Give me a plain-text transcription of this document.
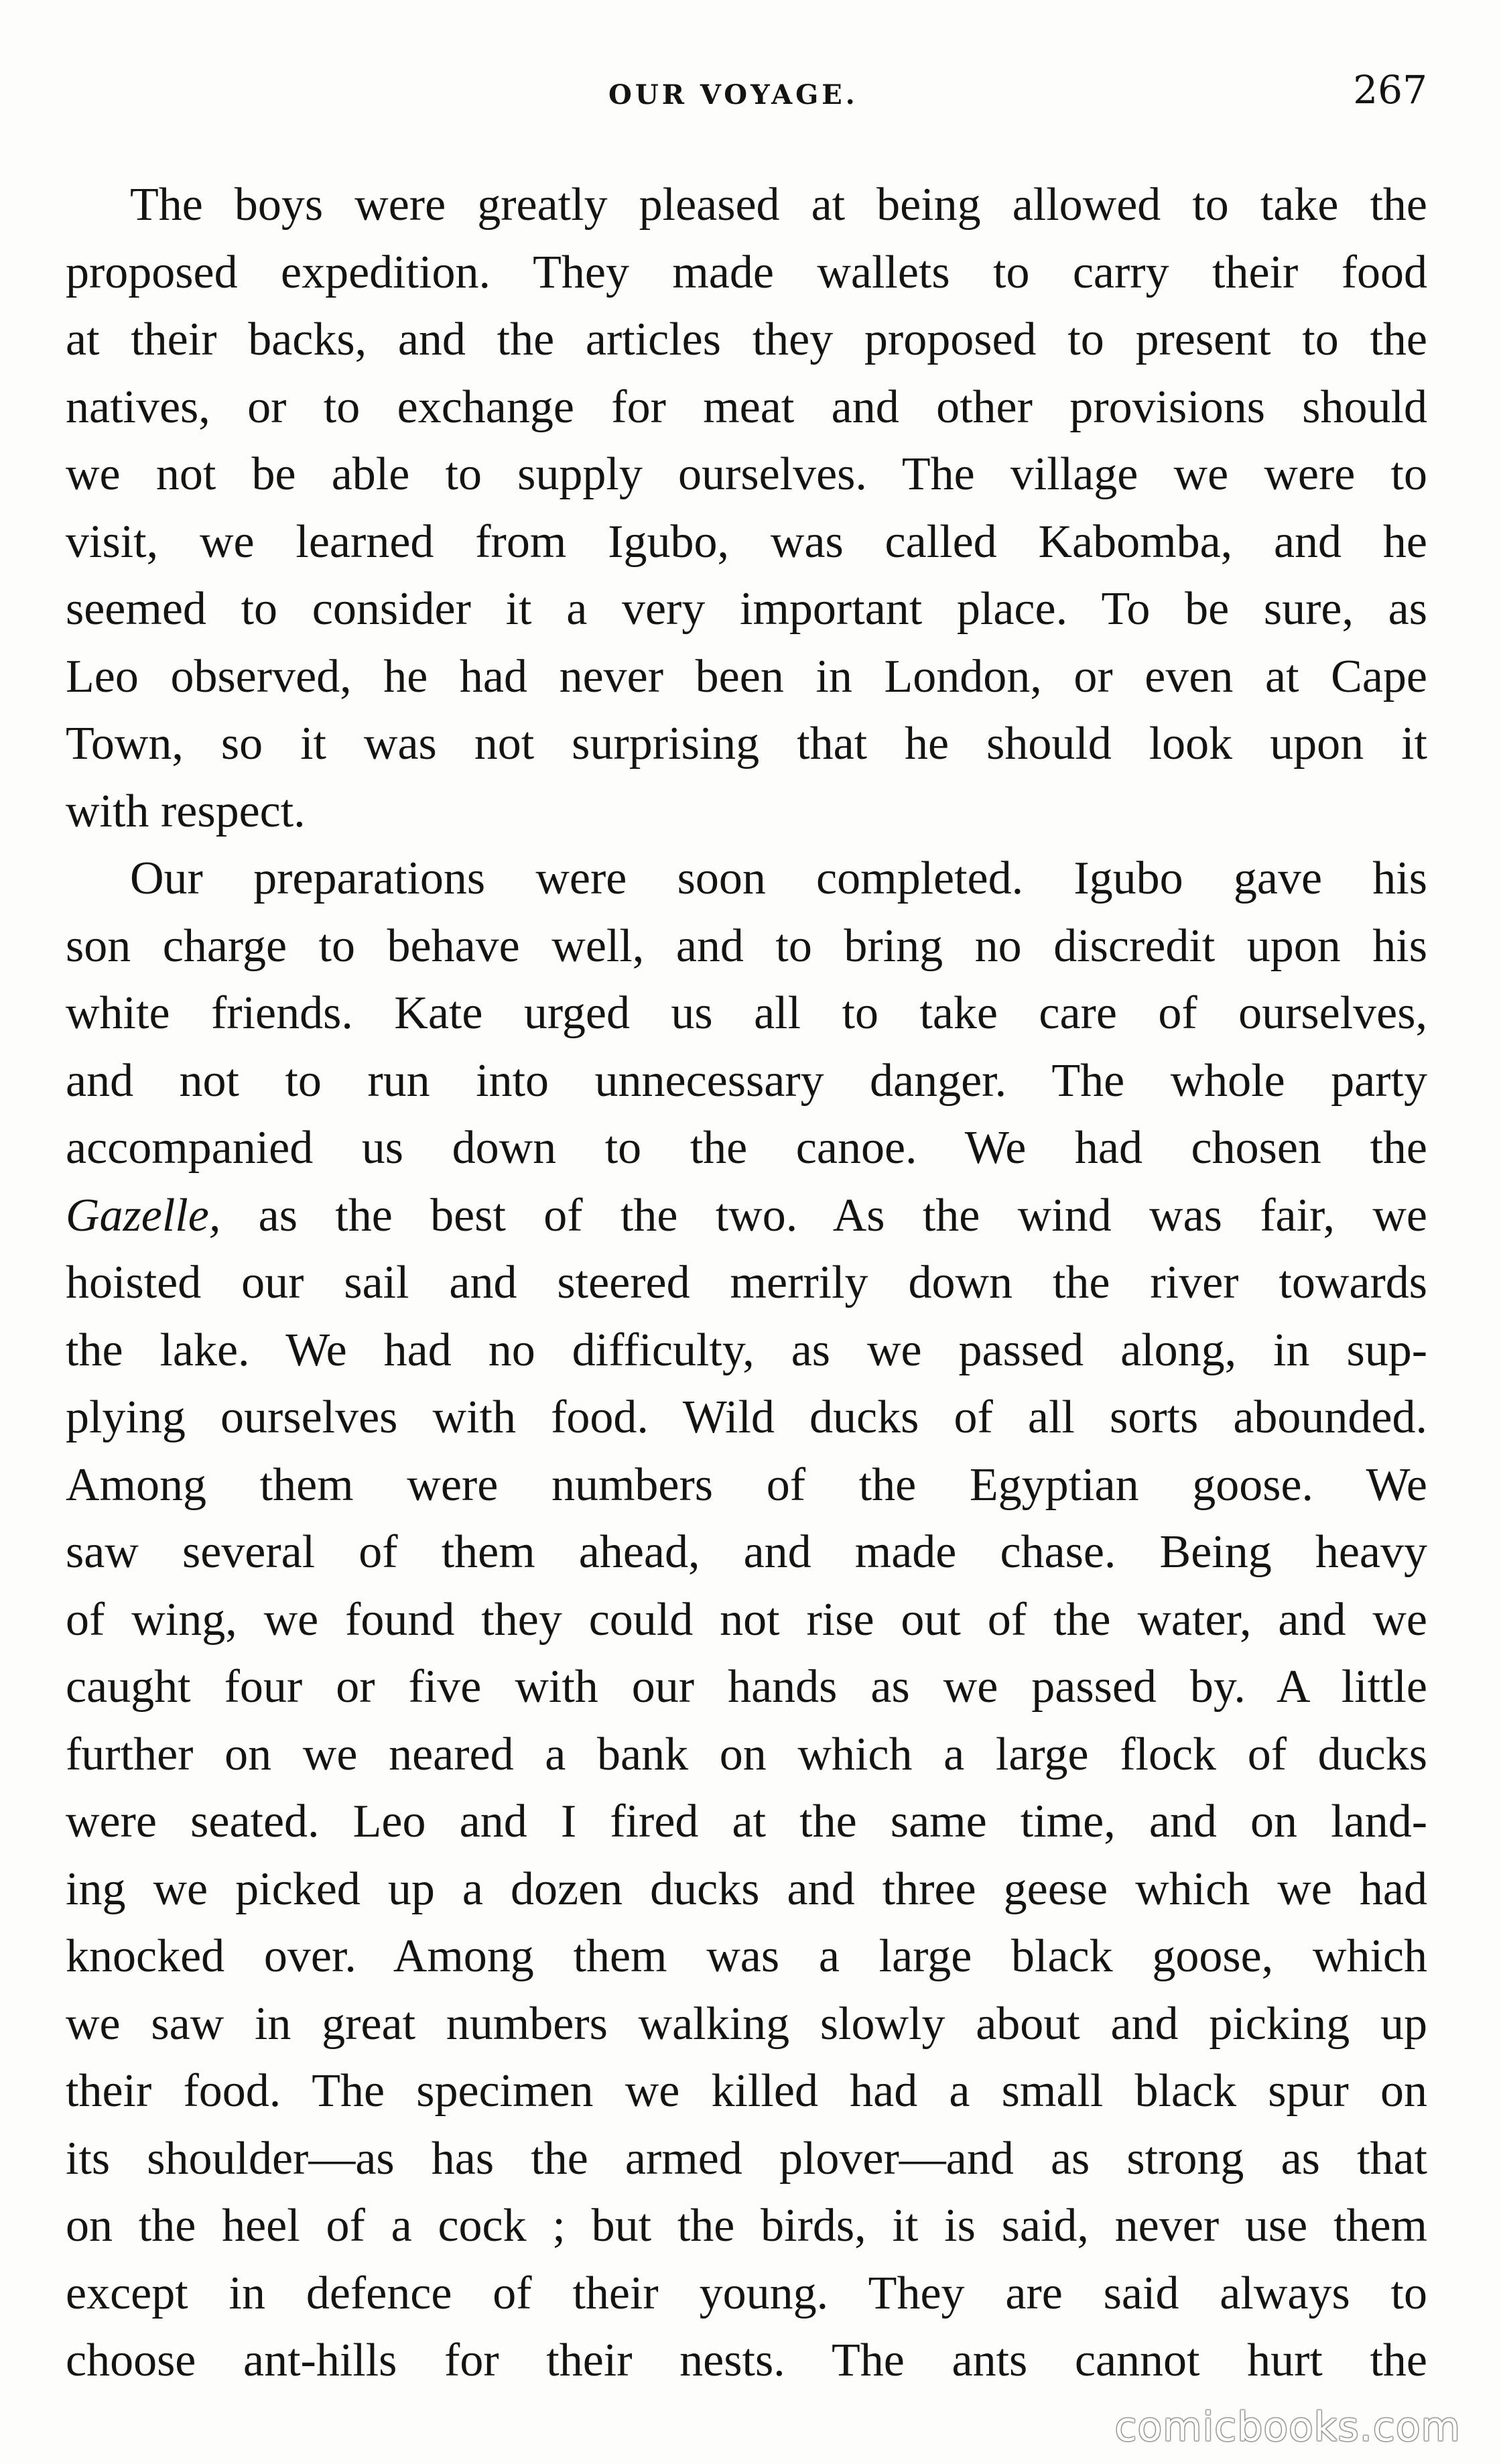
OUR VOYAGE.	267

The boys were greatly pleased at being allowed to take the
proposed expedition. They made wallets to carry their food
at their backs, and the articles they proposed to present to the
natives, or to exchange for meat and other provisions should
we not be able to supply ourselves. The village we were to
visit, we learned from Igubo, was called Kabomba, and he
seemed to consider it a very important place. To be sure, as
Leo observed, he had never been in London, or even at Cape
Town, so it was not surprising that he should look upon it
with respect.

Our preparations were soon completed. Igubo gave his
son charge to behave well, and to bring no discredit upon his
white friends. Kate urged us all to take care of ourselves,
and not to run into unnecessary danger. The whole party
accompanied us down to the canoe. We had chosen the
Gazelle, as the best of the two. As the wind was fair, we
hoisted our sail and steered merrily down the river towards
the lake. We had no difficulty, as we passed along, in sup-
plying ourselves with food. Wild ducks of all sorts abounded.
Among them were numbers of the Egyptian goose. We
saw several of them ahead, and made chase. Being heavy
of wing, we found they could not rise out of the water, and we
caught four or five with our hands as we passed by. A little
further on we neared a bank on which a large flock of ducks
were seated. Leo and I fired at the same time, and on land-
ing we picked up a dozen ducks and three geese which we had
knocked over. Among them was a large black goose, which
we saw in great numbers walking slowly about and picking up
their food. The specimen we killed had a small black spur on
its shoulder—as has the armed plover—and as strong as that
on the heel of a cock ; but the birds, it is said, never use them
except in defence of their young. They are said always to
choose ant-hills for their nests. The ants cannot hurt the

comicbooks.com
